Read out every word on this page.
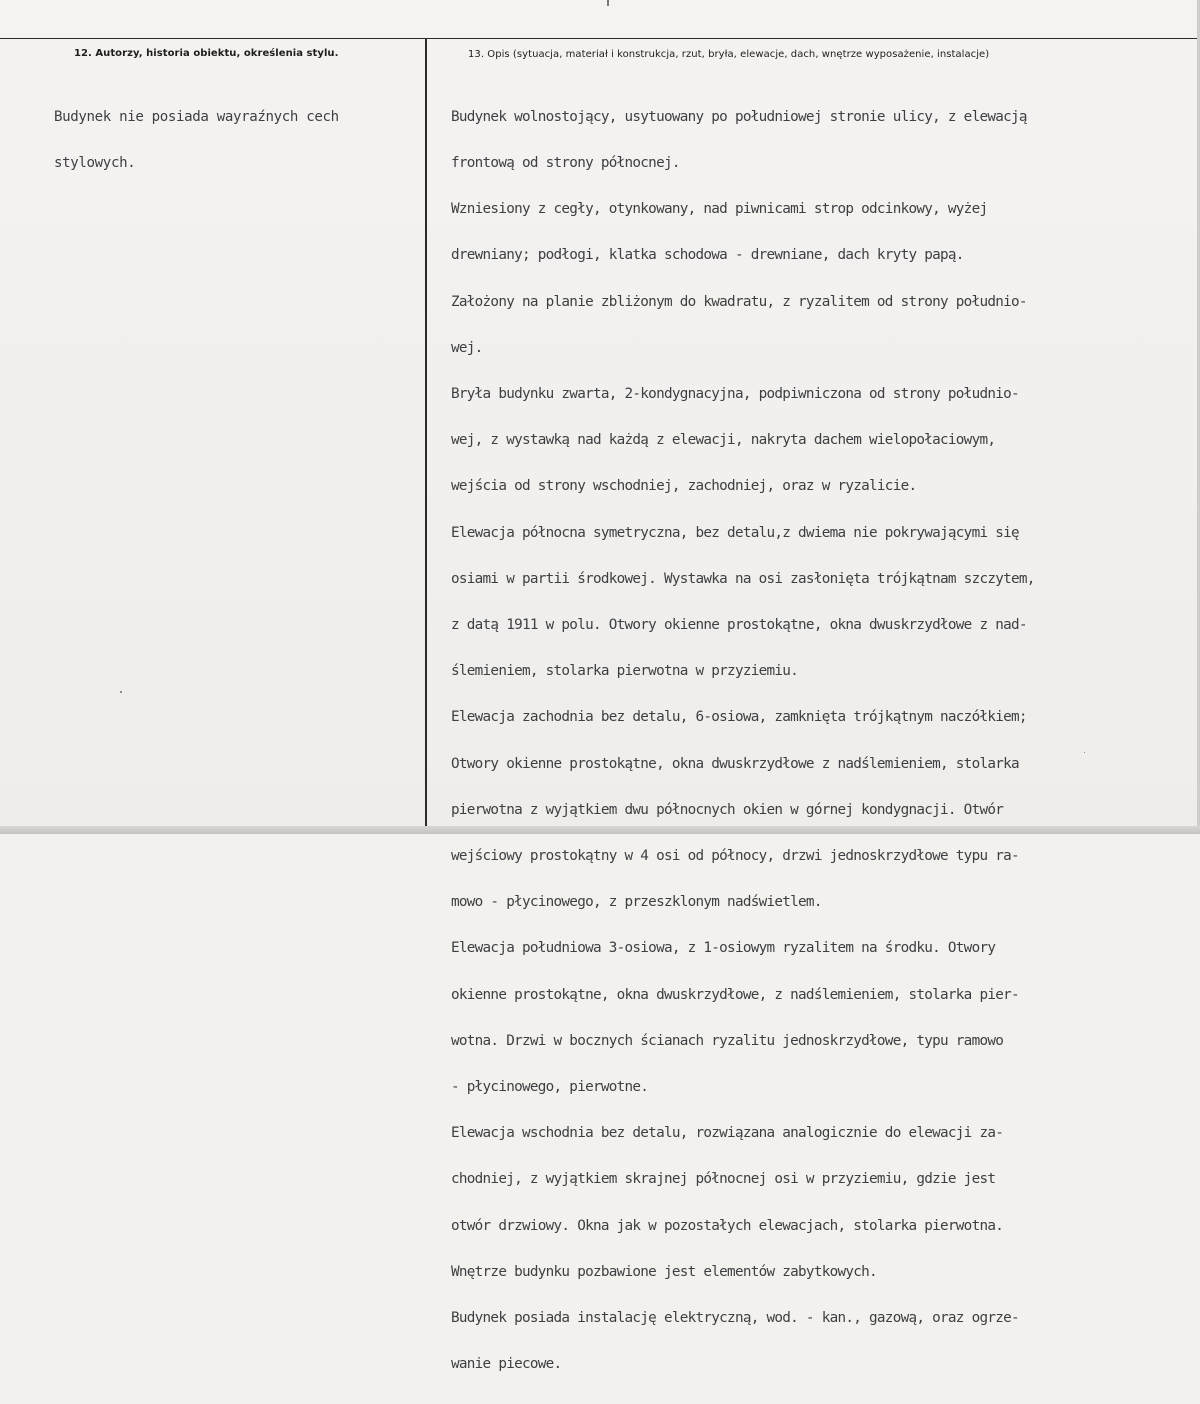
12. Autorzy, historia obiektu, określenia stylu.	13. Opis (sytuacja, materiał i konstrukcja, rzut, bryła, elewacje, dach, wnętrze wyposażenie, instalacje)

Budynek nie posiada wayraźnych cech

stylowych.

Budynek wolnostojący, usytuowany po południowej stronie ulicy, z elewacją

frontową od strony północnej.

Wzniesiony z cegły, otynkowany, nad piwnicami strop odcinkowy, wyżej

drewniany; podłogi, klatka schodowa - drewniane, dach kryty papą.

Założony na planie zbliżonym do kwadratu, z ryzalitem od strony południo-

wej.

Bryła budynku zwarta, 2-kondygnacyjna, podpiwniczona od strony południo-

wej, z wystawką nad każdą z elewacji, nakryta dachem wielopołaciowym,

wejścia od strony wschodniej, zachodniej, oraz w ryzalicie.

Elewacja północna symetryczna, bez detalu,z dwiema nie pokrywającymi się

osiami w partii środkowej. Wystawka na osi zasłonięta trójkątnam szczytem,

z datą 1911 w polu. Otwory okienne prostokątne, okna dwuskrzydłowe z nad-

ślemieniem, stolarka pierwotna w przyziemiu.

Elewacja zachodnia bez detalu, 6-osiowa, zamknięta trójkątnym naczółkiem;

Otwory okienne prostokątne, okna dwuskrzydłowe z nadślemieniem, stolarka

pierwotna z wyjątkiem dwu północnych okien w górnej kondygnacji. Otwór

wejściowy prostokątny w 4 osi od północy, drzwi jednoskrzydłowe typu ra-

mowo - płycinowego, z przeszklonym nadświetlem.

Elewacja południowa 3-osiowa, z 1-osiowym ryzalitem na środku. Otwory

okienne prostokątne, okna dwuskrzydłowe, z nadślemieniem, stolarka pier-

wotna. Drzwi w bocznych ścianach ryzalitu jednoskrzydłowe, typu ramowo

- płycinowego, pierwotne.

Elewacja wschodnia bez detalu, rozwiązana analogicznie do elewacji za-

chodniej, z wyjątkiem skrajnej północnej osi w przyziemiu, gdzie jest

otwór drzwiowy. Okna jak w pozostałych elewacjach, stolarka pierwotna.

Wnętrze budynku pozbawione jest elementów zabytkowych.

Budynek posiada instalację elektryczną, wod. - kan., gazową, oraz ogrze-

wanie piecowe.
